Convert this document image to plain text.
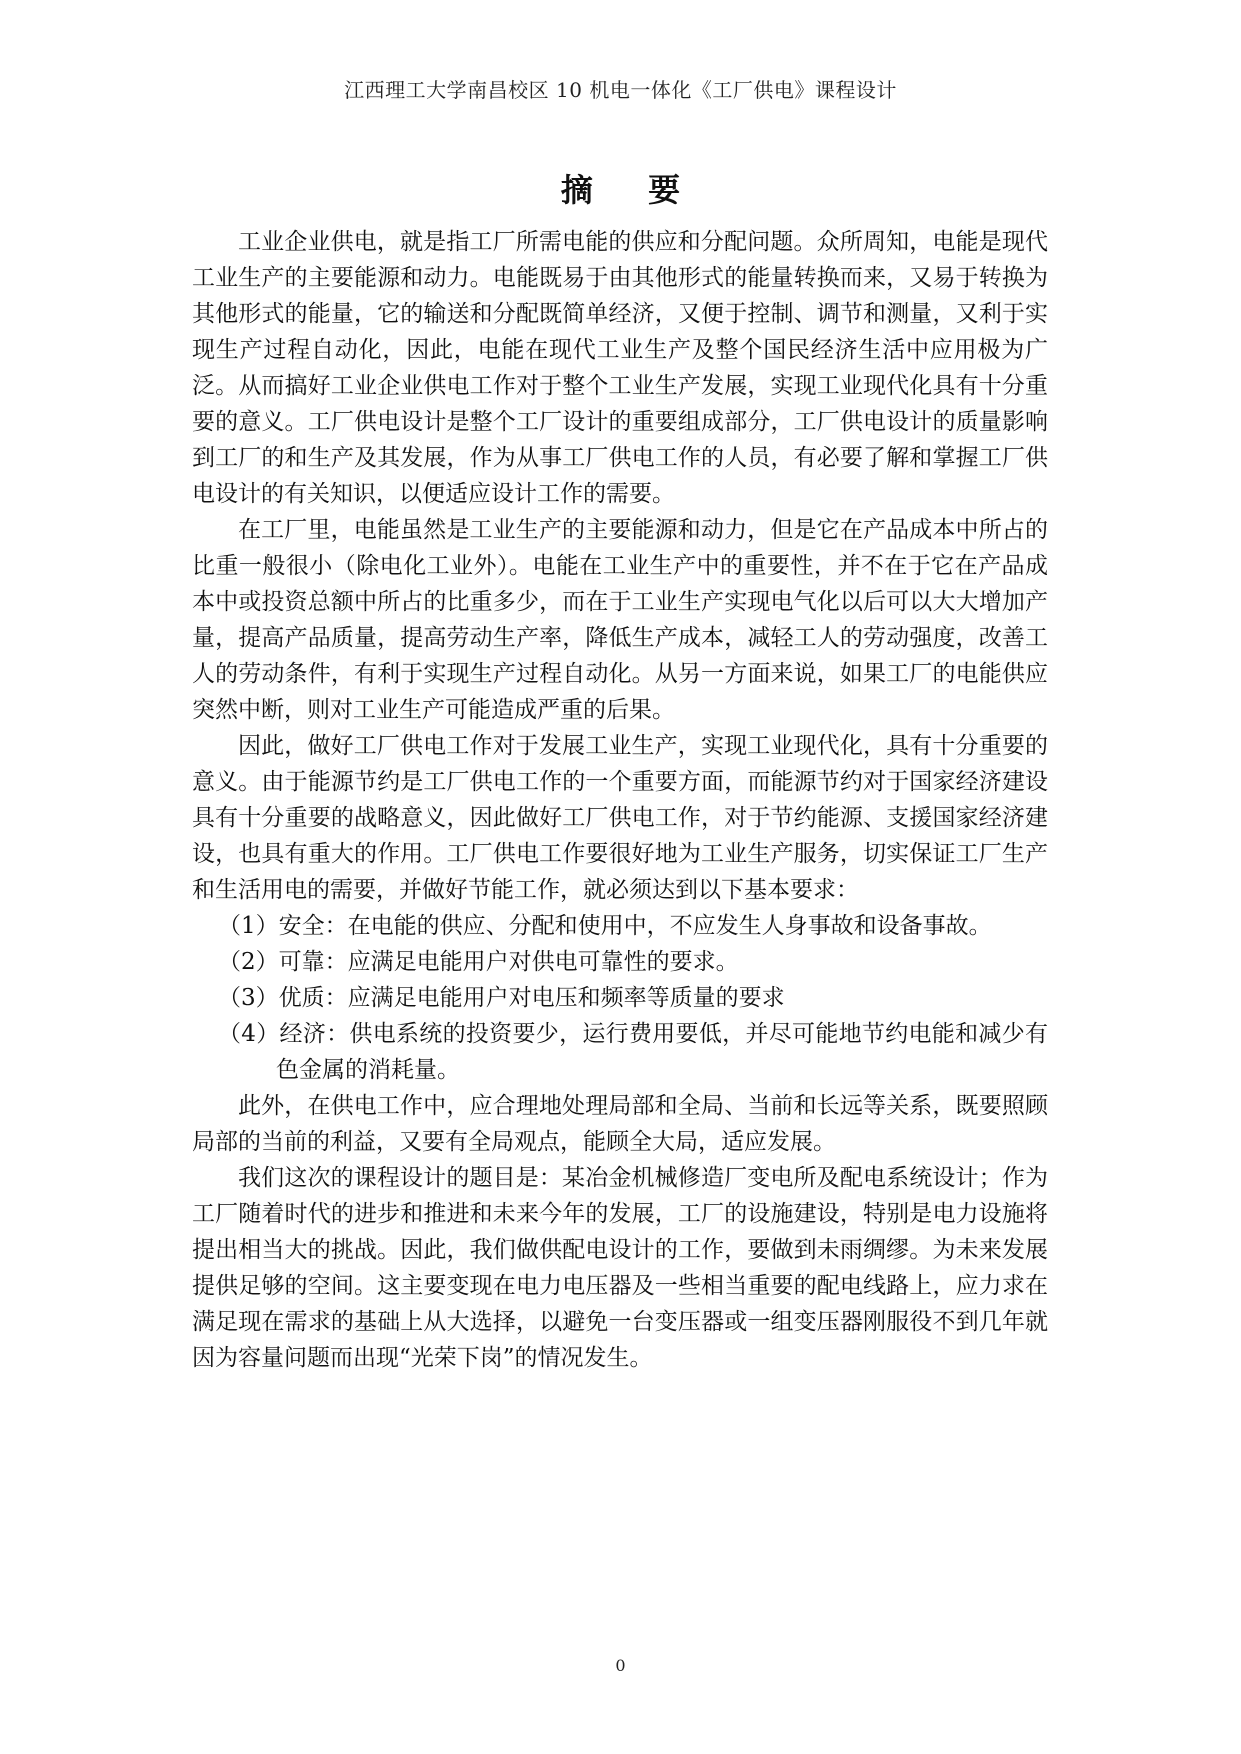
江西理工大学南昌校区 10 机电一体化《工厂供电》课程设计
摘 要

工业企业供电，就是指工厂所需电能的供应和分配问题。众所周知，电能是现代工业生产的主要能源和动力。电能既易于由其他形式的能量转换而来，又易于转换为其他形式的能量，它的输送和分配既简单经济，又便于控制、调节和测量，又利于实现生产过程自动化，因此，电能在现代工业生产及整个国民经济生活中应用极为广泛。从而搞好工业企业供电工作对于整个工业生产发展，实现工业现代化具有十分重要的意义。工厂供电设计是整个工厂设计的重要组成部分，工厂供电设计的质量影响到工厂的和生产及其发展，作为从事工厂供电工作的人员，有必要了解和掌握工厂供电设计的有关知识，以便适应设计工作的需要。

在工厂里，电能虽然是工业生产的主要能源和动力，但是它在产品成本中所占的比重一般很小（除电化工业外）。电能在工业生产中的重要性，并不在于它在产品成本中或投资总额中所占的比重多少，而在于工业生产实现电气化以后可以大大增加产量，提高产品质量，提高劳动生产率，降低生产成本，减轻工人的劳动强度，改善工人的劳动条件，有利于实现生产过程自动化。从另一方面来说，如果工厂的电能供应突然中断，则对工业生产可能造成严重的后果。

因此，做好工厂供电工作对于发展工业生产，实现工业现代化，具有十分重要的意义。由于能源节约是工厂供电工作的一个重要方面，而能源节约对于国家经济建设具有十分重要的战略意义，因此做好工厂供电工作，对于节约能源、支援国家经济建设，也具有重大的作用。工厂供电工作要很好地为工业生产服务，切实保证工厂生产和生活用电的需要，并做好节能工作，就必须达到以下基本要求：

（1）安全：在电能的供应、分配和使用中，不应发生人身事故和设备事故。
（2）可靠：应满足电能用户对供电可靠性的要求。
（3）优质：应满足电能用户对电压和频率等质量的要求
（4）经济：供电系统的投资要少，运行费用要低，并尽可能地节约电能和减少有色金属的消耗量。

此外，在供电工作中，应合理地处理局部和全局、当前和长远等关系，既要照顾局部的当前的利益，又要有全局观点，能顾全大局，适应发展。

我们这次的课程设计的题目是：某冶金机械修造厂变电所及配电系统设计；作为工厂随着时代的进步和推进和未来今年的发展，工厂的设施建设，特别是电力设施将提出相当大的挑战。因此，我们做供配电设计的工作，要做到未雨绸缪。为未来发展提供足够的空间。这主要变现在电力电压器及一些相当重要的配电线路上，应力求在满足现在需求的基础上从大选择，以避免一台变压器或一组变压器刚服役不到几年就因为容量问题而出现“光荣下岗”的情况发生。

0
